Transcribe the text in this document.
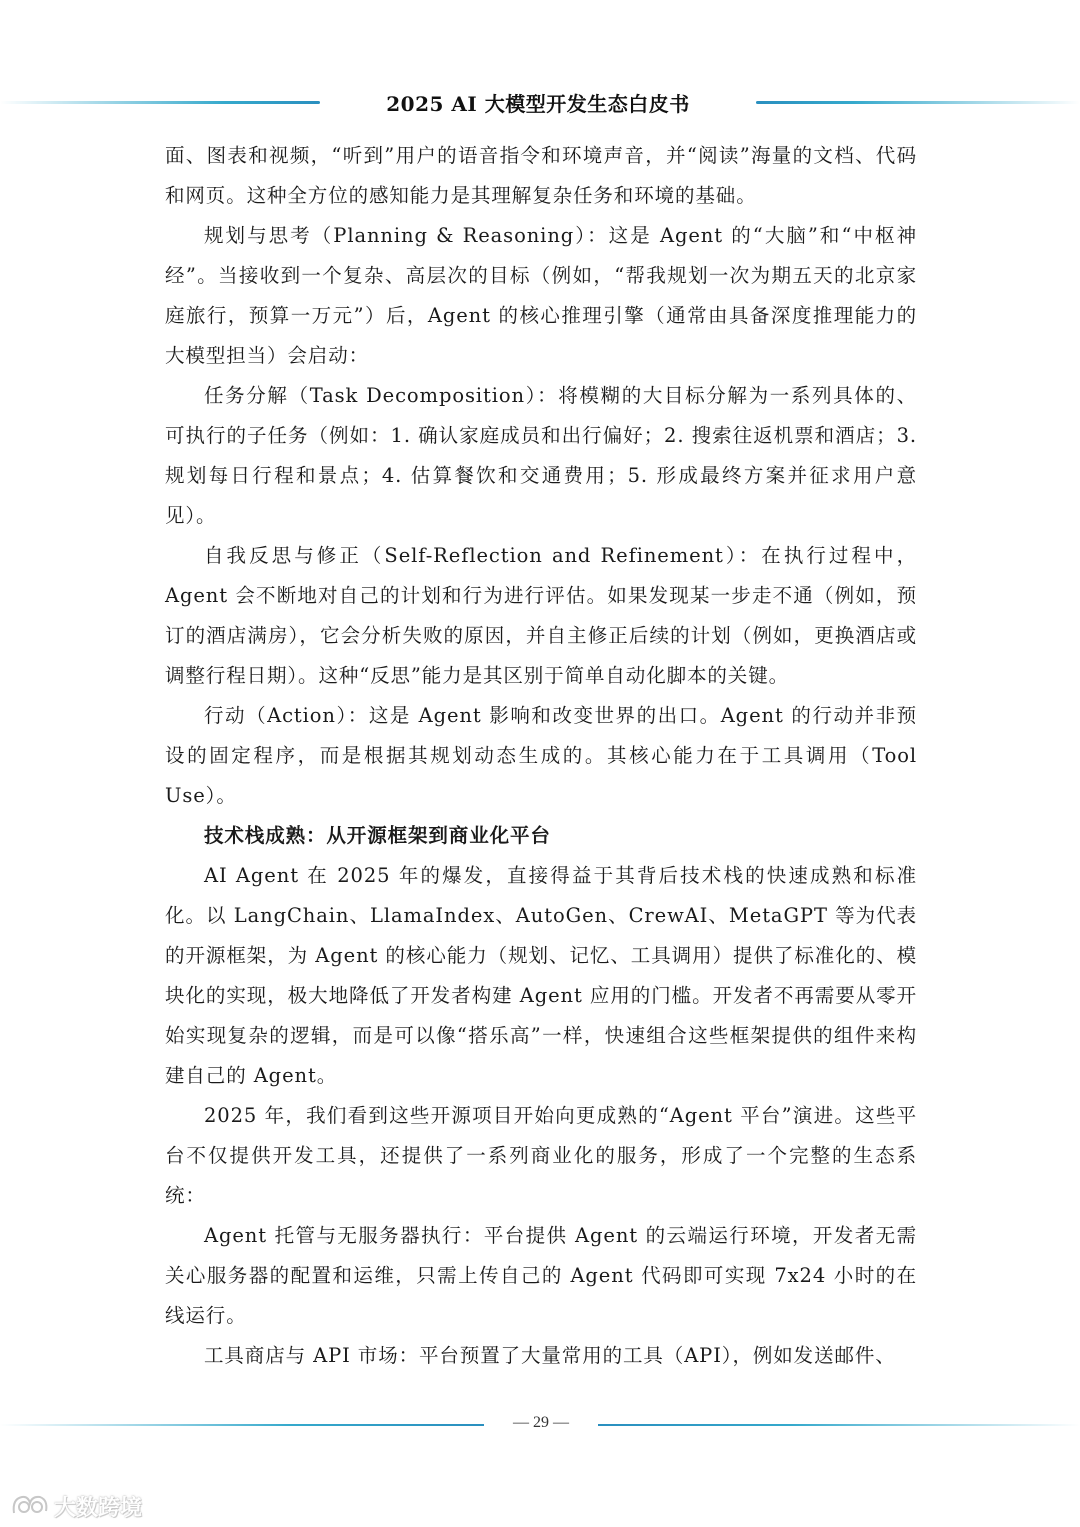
2025 AI 大模型开发生态白皮书

面、图表和视频，“听到”用户的语音指令和环境声音，并“阅读”海量的文档、代码和网页。这种全方位的感知能力是其理解复杂任务和环境的基础。

规划与思考（Planning & Reasoning）：这是 Agent 的“大脑”和“中枢神经”。当接收到一个复杂、高层次的目标（例如，“帮我规划一次为期五天的北京家庭旅行，预算一万元”）后，Agent 的核心推理引擎（通常由具备深度推理能力的大模型担当）会启动：

任务分解（Task Decomposition）：将模糊的大目标分解为一系列具体的、可执行的子任务（例如：1. 确认家庭成员和出行偏好；2. 搜索往返机票和酒店；3. 规划每日行程和景点；4. 估算餐饮和交通费用；5. 形成最终方案并征求用户意见）。

自我反思与修正（Self-Reflection and Refinement）：在执行过程中，Agent 会不断地对自己的计划和行为进行评估。如果发现某一步走不通（例如，预订的酒店满房），它会分析失败的原因，并自主修正后续的计划（例如，更换酒店或调整行程日期）。这种“反思”能力是其区别于简单自动化脚本的关键。

行动（Action）：这是 Agent 影响和改变世界的出口。Agent 的行动并非预设的固定程序，而是根据其规划动态生成的。其核心能力在于工具调用（Tool Use）。

技术栈成熟：从开源框架到商业化平台

AI Agent 在 2025 年的爆发，直接得益于其背后技术栈的快速成熟和标准化。以 LangChain、LlamaIndex、AutoGen、CrewAI、MetaGPT 等为代表的开源框架，为 Agent 的核心能力（规划、记忆、工具调用）提供了标准化的、模块化的实现，极大地降低了开发者构建 Agent 应用的门槛。开发者不再需要从零开始实现复杂的逻辑，而是可以像“搭乐高”一样，快速组合这些框架提供的组件来构建自己的 Agent。

2025 年，我们看到这些开源项目开始向更成熟的“Agent 平台”演进。这些平台不仅提供开发工具，还提供了一系列商业化的服务，形成了一个完整的生态系统：

Agent 托管与无服务器执行：平台提供 Agent 的云端运行环境，开发者无需关心服务器的配置和运维，只需上传自己的 Agent 代码即可实现 7x24 小时的在线运行。

工具商店与 API 市场：平台预置了大量常用的工具（API），例如发送邮件、

— 29 —
大数跨境
